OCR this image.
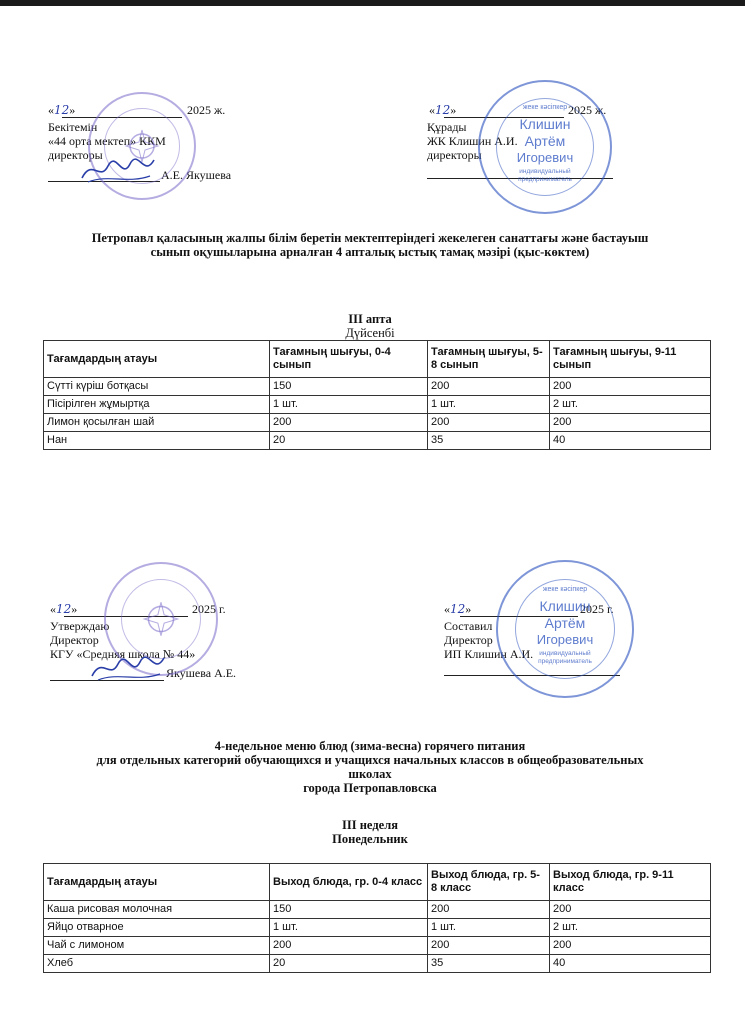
«12»	2025 ж.
Бекітемін
«44 орта мектеп» ККМ
директоры
А.Е. Якушева
«12»	2025 ж.
Құрады
ЖК Клишин А.И.
директоры
жеке кәсіпкер
Клишин
Артём
Игоревич
индивидуальный
предприниматель
Петропавл қаласының жалпы білім беретін мектептеріндегі жекелеген санаттағы және бастауыш
сынып оқушыларына арналған 4 апталық ыстық тамақ мәзірі (қыс-көктем)
III апта
Дүйсенбі
Тағамдардың атауы	Тағамның шығуы, 0-4 сынып	Тағамның шығуы, 5-8 сынып	Тағамның шығуы, 9-11 сынып
Сүтті күріш ботқасы	150	200	200
Пісірілген жұмыртқа	1 шт.	1 шт.	2 шт.
Лимон қосылған шай	200	200	200
Нан	20	35	40
«12»	2025 г.
Утверждаю
Директор
КГУ «Средняя школа № 44»
Якушева А.Е.
«12»	2025 г.
Составил
Директор
ИП Клишин А.И.
жеке кәсіпкер
Клишин
Артём
Игоревич
индивидуальный
предприниматель
4-недельное меню блюд (зима-весна) горячего питания
для отдельных категорий обучающихся и учащихся начальных классов в общеобразовательных
школах
города Петропавловска
III неделя
Понедельник
Тағамдардың атауы	Выход блюда, гр. 0-4 класс	Выход блюда, гр. 5-8 класс	Выход блюда, гр. 9-11 класс
Каша рисовая молочная	150	200	200
Яйцо отварное	1 шт.	1 шт.	2 шт.
Чай с лимоном	200	200	200
Хлеб	20	35	40
